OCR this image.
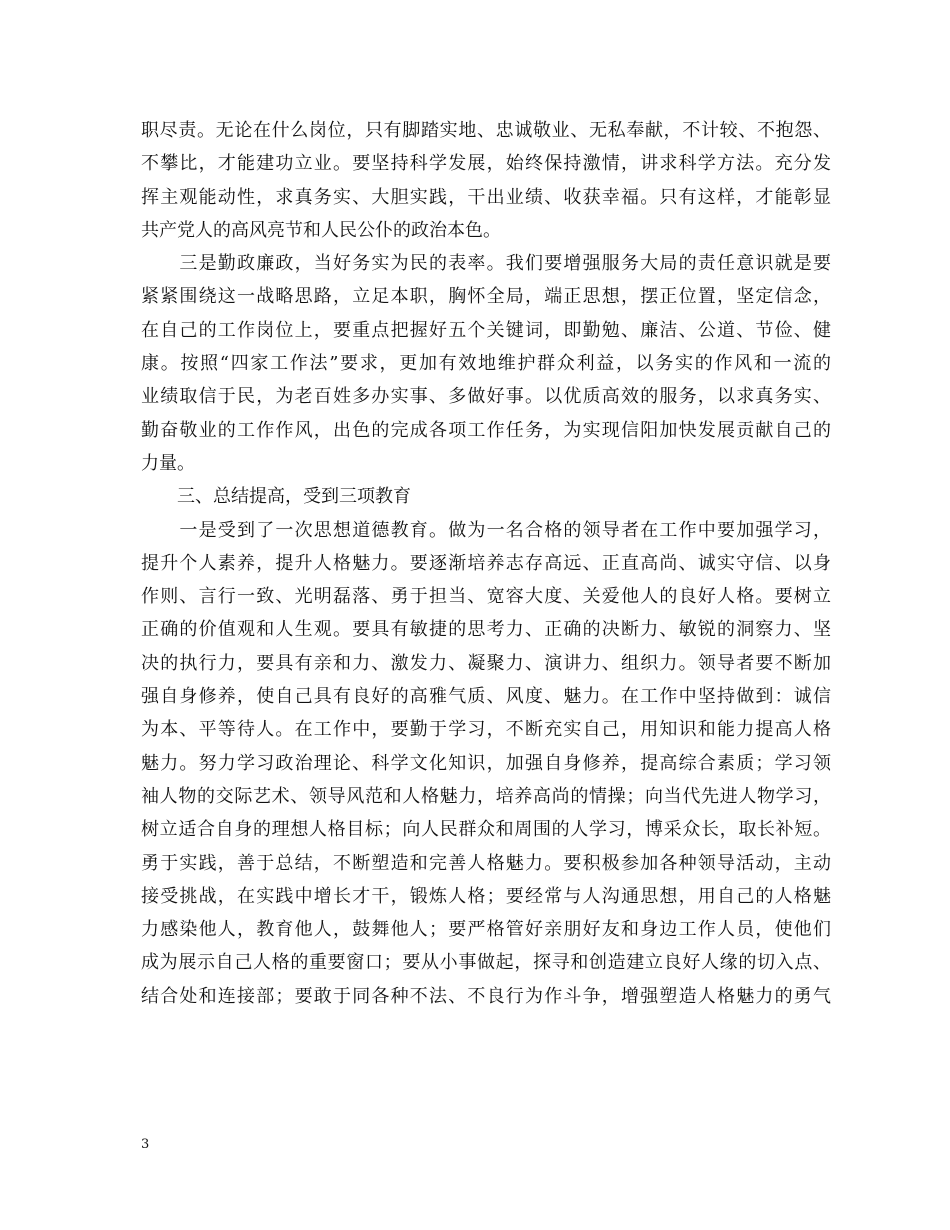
职尽责。无论在什么岗位，只有脚踏实地、忠诚敬业、无私奉献，不计较、不抱怨、
不攀比，才能建功立业。要坚持科学发展，始终保持激情，讲求科学方法。充分发
挥主观能动性，求真务实、大胆实践，干出业绩、收获幸福。只有这样，才能彰显
共产党人的高风亮节和人民公仆的政治本色。
　　三是勤政廉政，当好务实为民的表率。我们要增强服务大局的责任意识就是要
紧紧围绕这一战略思路，立足本职，胸怀全局，端正思想，摆正位置，坚定信念，
在自己的工作岗位上，要重点把握好五个关键词，即勤勉、廉洁、公道、节俭、健
康。按照“四家工作法”要求，更加有效地维护群众利益，以务实的作风和一流的
业绩取信于民，为老百姓多办实事、多做好事。以优质高效的服务，以求真务实、
勤奋敬业的工作作风，出色的完成各项工作任务，为实现信阳加快发展贡献自己的
力量。
　　三、总结提高，受到三项教育
　　一是受到了一次思想道德教育。做为一名合格的领导者在工作中要加强学习，
提升个人素养，提升人格魅力。要逐渐培养志存高远、正直高尚、诚实守信、以身
作则、言行一致、光明磊落、勇于担当、宽容大度、关爱他人的良好人格。要树立
正确的价值观和人生观。要具有敏捷的思考力、正确的决断力、敏锐的洞察力、坚
决的执行力，要具有亲和力、激发力、凝聚力、演讲力、组织力。领导者要不断加
强自身修养，使自己具有良好的高雅气质、风度、魅力。在工作中坚持做到：诚信
为本、平等待人。在工作中，要勤于学习，不断充实自己，用知识和能力提高人格
魅力。努力学习政治理论、科学文化知识，加强自身修养，提高综合素质；学习领
袖人物的交际艺术、领导风范和人格魅力，培养高尚的情操；向当代先进人物学习，
树立适合自身的理想人格目标；向人民群众和周围的人学习，博采众长，取长补短。
勇于实践，善于总结，不断塑造和完善人格魅力。要积极参加各种领导活动，主动
接受挑战，在实践中增长才干，锻炼人格；要经常与人沟通思想，用自己的人格魅
力感染他人，教育他人，鼓舞他人；要严格管好亲朋好友和身边工作人员，使他们
成为展示自己人格的重要窗口；要从小事做起，探寻和创造建立良好人缘的切入点、
结合处和连接部；要敢于同各种不法、不良行为作斗争，增强塑造人格魅力的勇气
3
